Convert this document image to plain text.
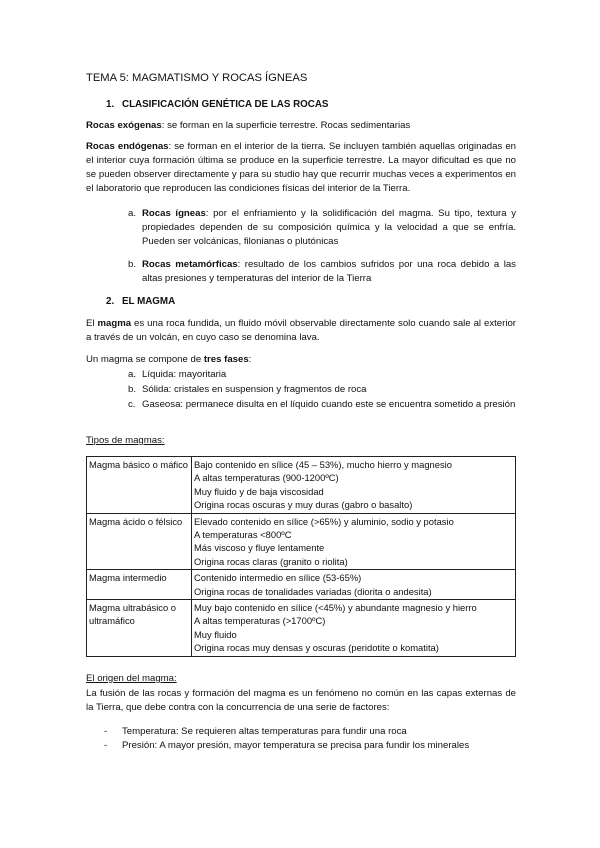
TEMA 5: MAGMATISMO Y ROCAS ÍGNEAS
1. CLASIFICACIÓN GENÉTICA DE LAS ROCAS

Rocas exógenas: se forman en la superficie terrestre. Rocas sedimentarias

Rocas endógenas: se forman en el interior de la tierra. Se incluyen también aquellas originadas en el interior cuya formación última se produce en la superficie terrestre. La mayor dificultad es que no se pueden observer directamente y para su studio hay que recurrir muchas veces a experimentos en el laboratorio que reproducen las condiciones físicas del interior de la Tierra.

a. Rocas ígneas: por el enfriamiento y la solidificación del magma. Su tipo, textura y propiedades dependen de su composición química y la velocidad a que se enfría. Pueden ser volcánicas, filonianas o plutónicas

b. Rocas metamórficas: resultado de los cambios sufridos por una roca debido a las altas presiones y temperaturas del interior de la Tierra

2. EL MAGMA

El magma es una roca fundida, un fluido móvil observable directamente solo cuando sale al exterior a través de un volcán, en cuyo caso se denomina lava.

Un magma se compone de tres fases:

a. Líquida: mayoritaria

b. Sólida: cristales en suspension y fragmentos de roca

c. Gaseosa: permanece disulta en el líquido cuando este se encuentra sometido a presión

Tipos de magmas:
Magma básico o máfico	Bajo contenido en sílice (45 – 53%), mucho hierro y magnesio
A altas temperaturas (900-1200ºC)
Muy fluido y de baja viscosidad
Origina rocas oscuras y muy duras (gabro o basalto)

Magma ácido o félsico	Elevado contenido en sílice (>65%) y aluminio, sodio y potasio
A temperaturas <800ºC
Más viscoso y fluye lentamente
Origina rocas claras (granito o riolita)

Magma intermedio	Contenido intermedio en sílice (53-65%)
Origina rocas de tonalidades variadas (diorita o andesita)

Magma ultrabásico o ultramáfico	Muy bajo contenido en sílice (<45%) y abundante magnesio y hierro
A altas temperaturas (>1700ºC)
Muy fluido
Origina rocas muy densas y oscuras (peridotite o komatita)
El origen del magma:

La fusión de las rocas y formación del magma es un fenómeno no común en las capas externas de la Tierra, que debe contra con la concurrencia de una serie de factores:

- Temperatura: Se requieren altas temperaturas para fundir una roca
- Presión: A mayor presión, mayor temperatura se precisa para fundir los minerales
